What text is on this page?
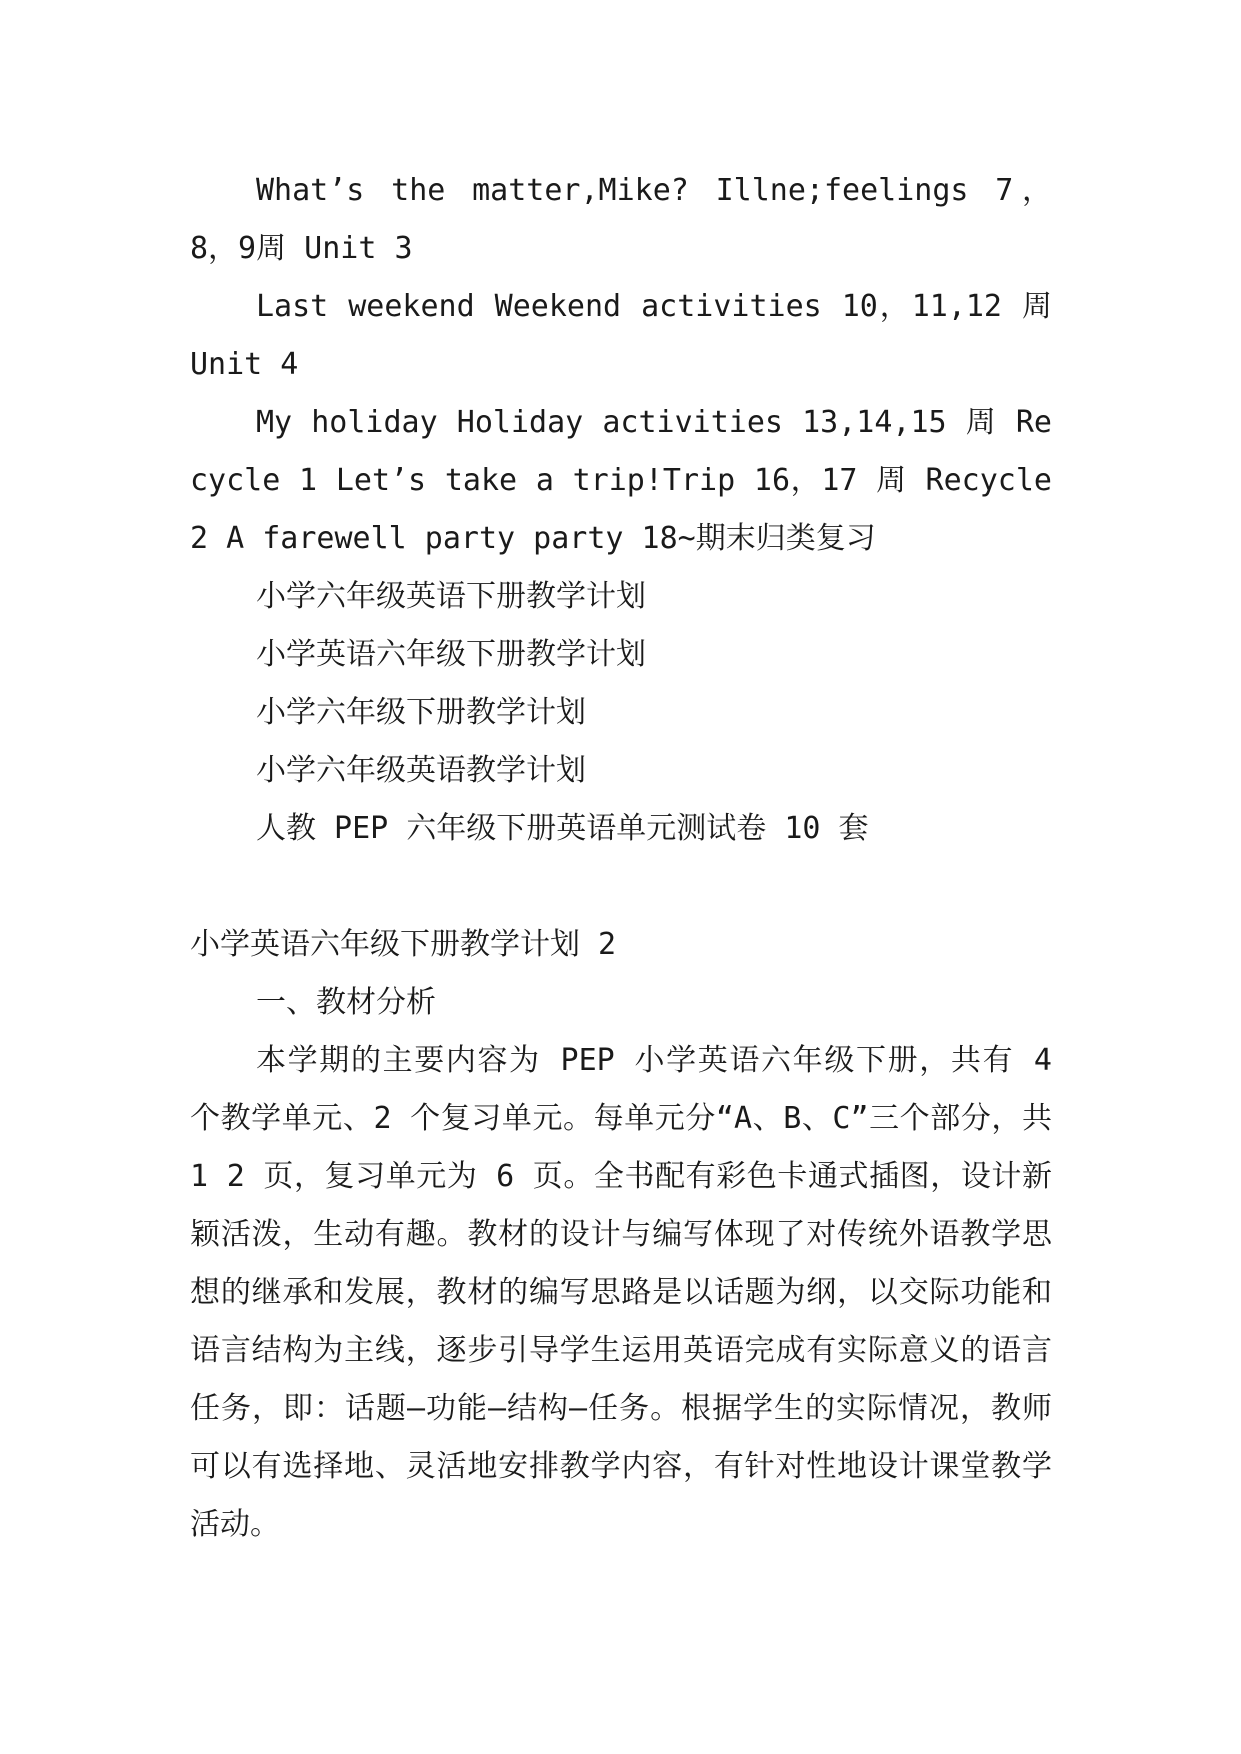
What’s the matter,Mike? Illne;feelings 7，8，9周 Unit 3

Last weekend Weekend activities 10，11,12 周 Unit 4

My holiday Holiday activities 13,14,15 周 Recycle 1 Let’s take a trip!Trip 16，17 周 Recycle 2 A farewell party party 18~期末归类复习

小学六年级英语下册教学计划

小学英语六年级下册教学计划

小学六年级下册教学计划

小学六年级英语教学计划

人教 PEP 六年级下册英语单元测试卷 10 套

小学英语六年级下册教学计划 2

一、教材分析

本学期的主要内容为 PEP 小学英语六年级下册，共有 4 个教学单元、2 个复习单元。每单元分“A、B、C”三个部分，共 1 2 页，复习单元为 6 页。全书配有彩色卡通式插图，设计新颖活泼，生动有趣。教材的设计与编写体现了对传统外语教学思想的继承和发展，教材的编写思路是以话题为纲，以交际功能和语言结构为主线，逐步引导学生运用英语完成有实际意义的语言任务，即：话题—功能—结构—任务。根据学生的实际情况，教师可以有选择地、灵活地安排教学内容，有针对性地设计课堂教学活动。
